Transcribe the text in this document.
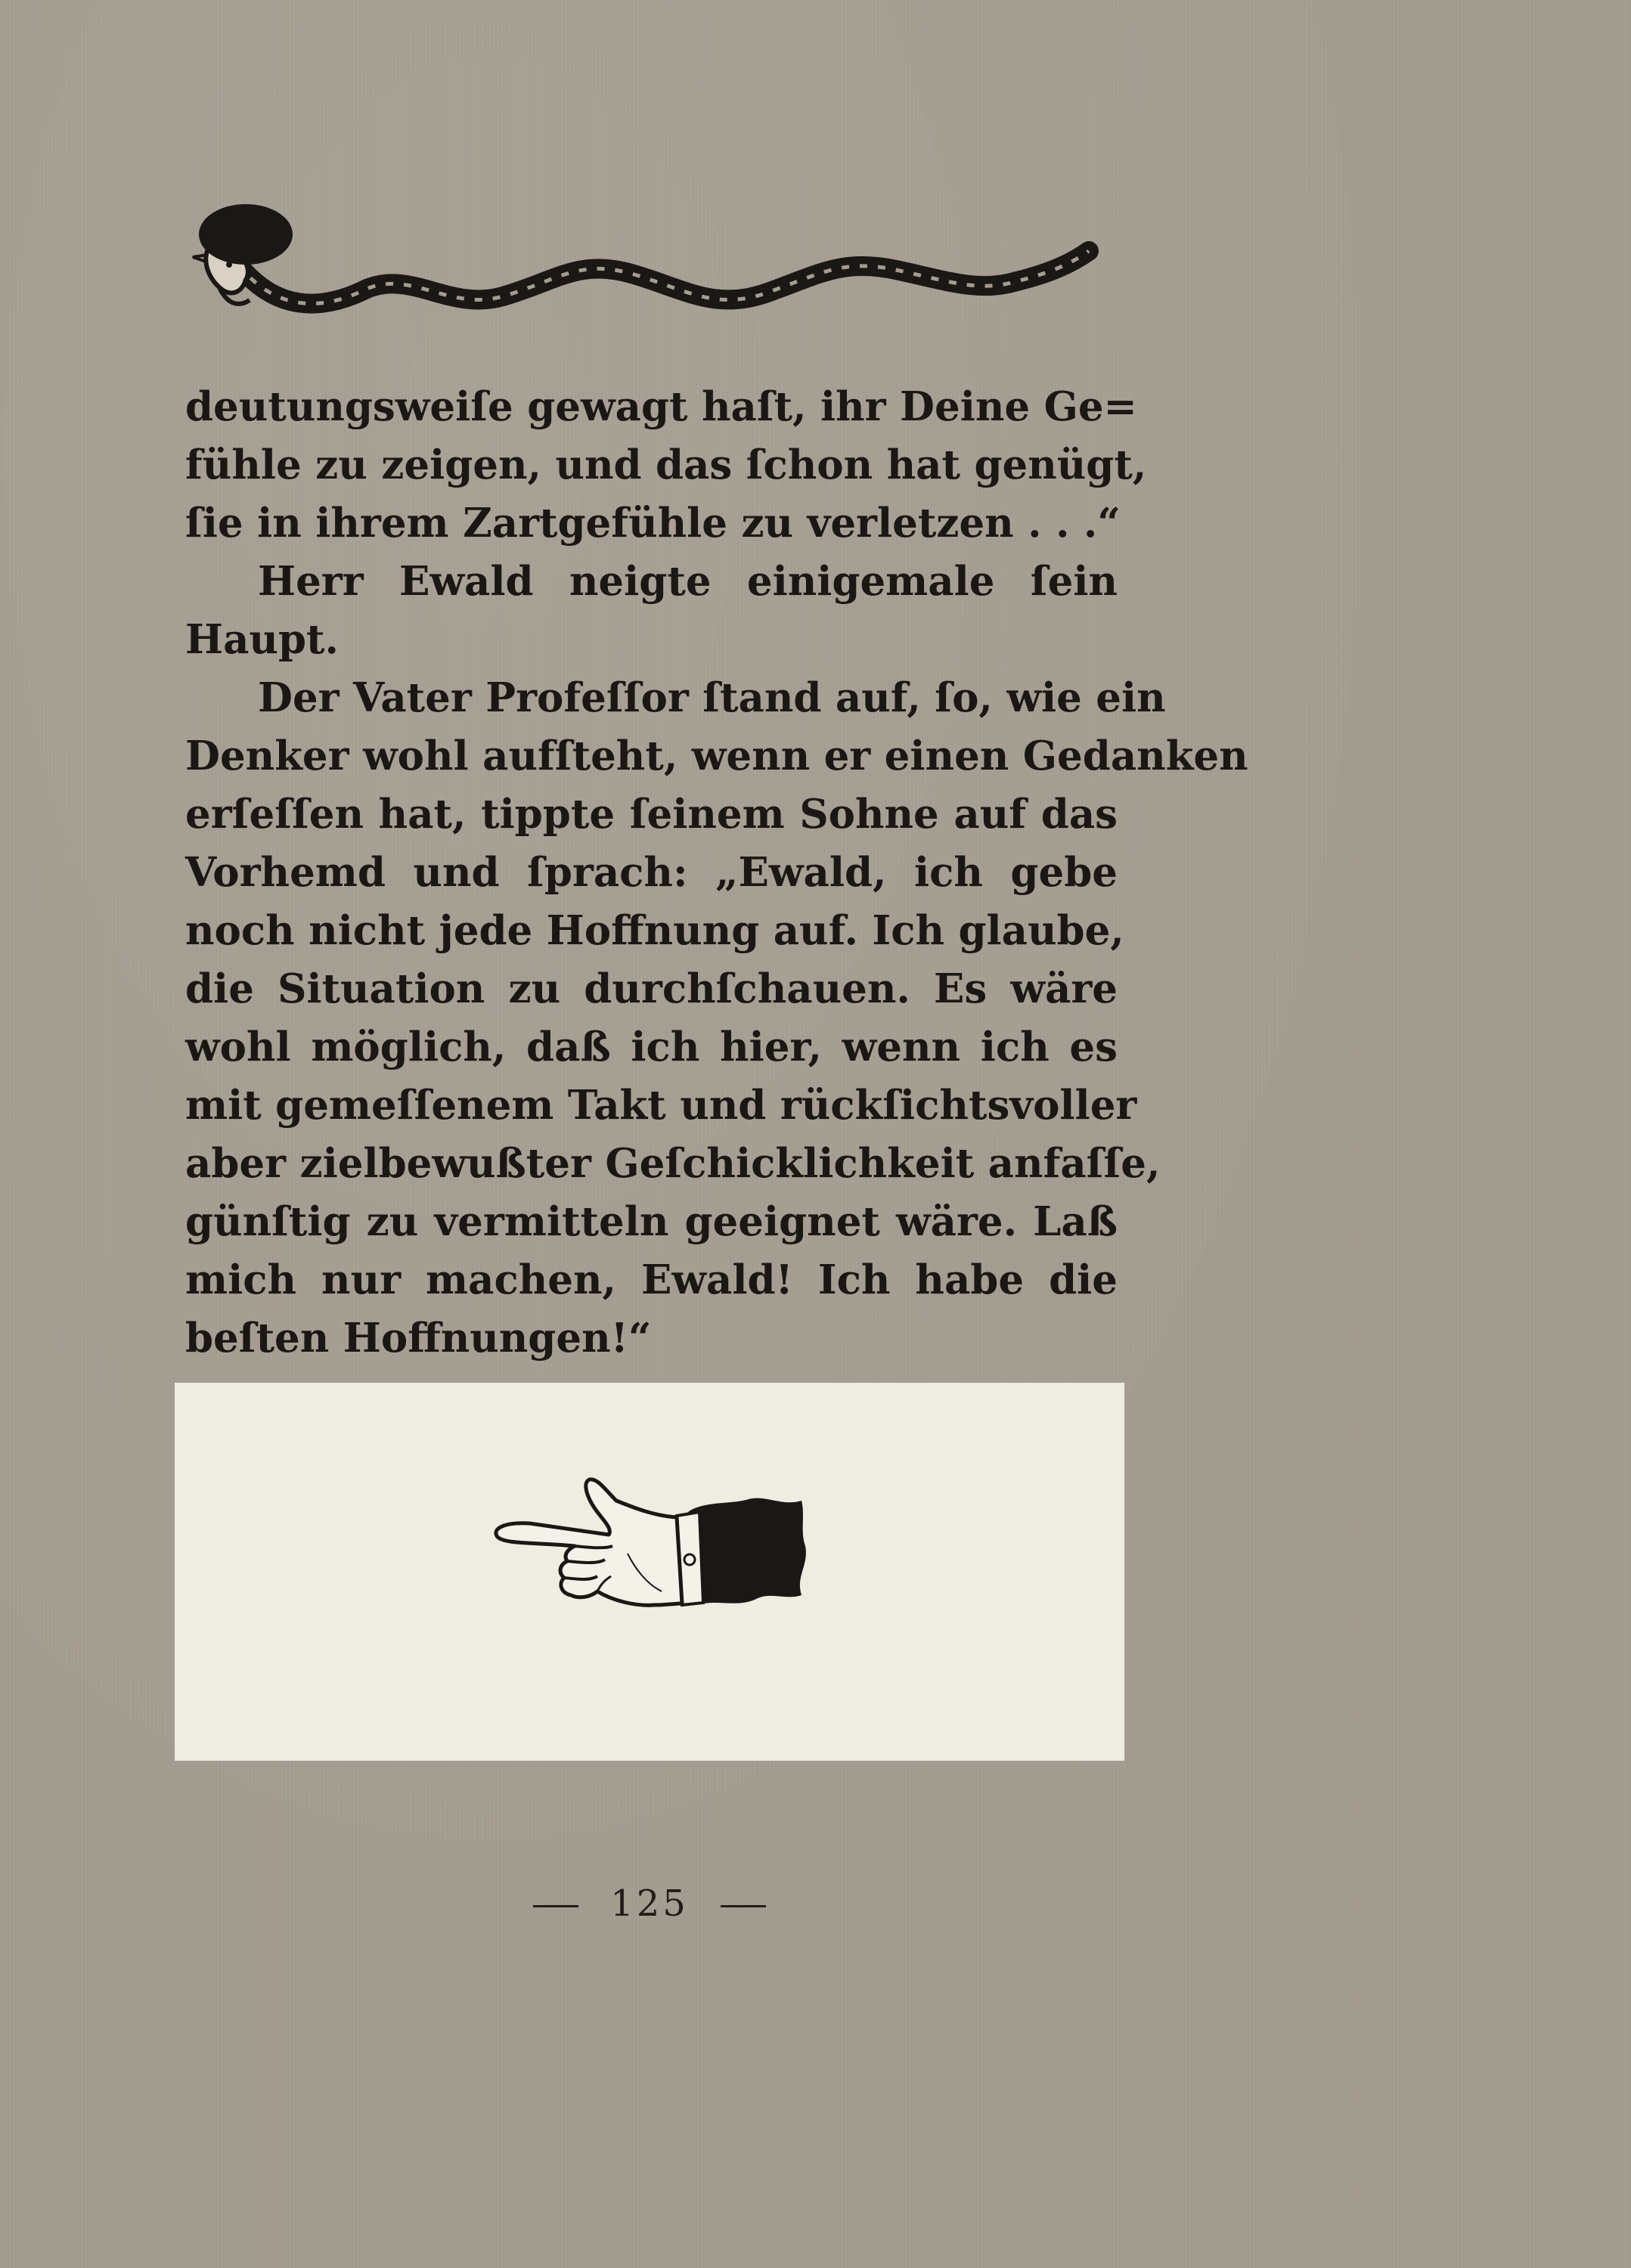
deutungsweiſe gewagt haſt, ihr Deine Ge=
fühle zu zeigen, und das ſchon hat genügt,
ſie in ihrem Zartgefühle zu verletzen . . .“
Herr Ewald neigte einigemale ſein
Haupt.
Der Vater Profeſſor ſtand auf, ſo, wie ein
Denker wohl aufſteht, wenn er einen Gedanken
erſeſſen hat, tippte ſeinem Sohne auf das
Vorhemd und ſprach: „Ewald, ich gebe
noch nicht jede Hoffnung auf. Ich glaube,
die Situation zu durchſchauen. Es wäre
wohl möglich, daß ich hier, wenn ich es
mit gemeſſenem Takt und rückſichtsvoller
aber zielbewußter Geſchicklichkeit anfaſſe,
günſtig zu vermitteln geeignet wäre. Laß
mich nur machen, Ewald! Ich habe die
beſten Hoffnungen!“
125
